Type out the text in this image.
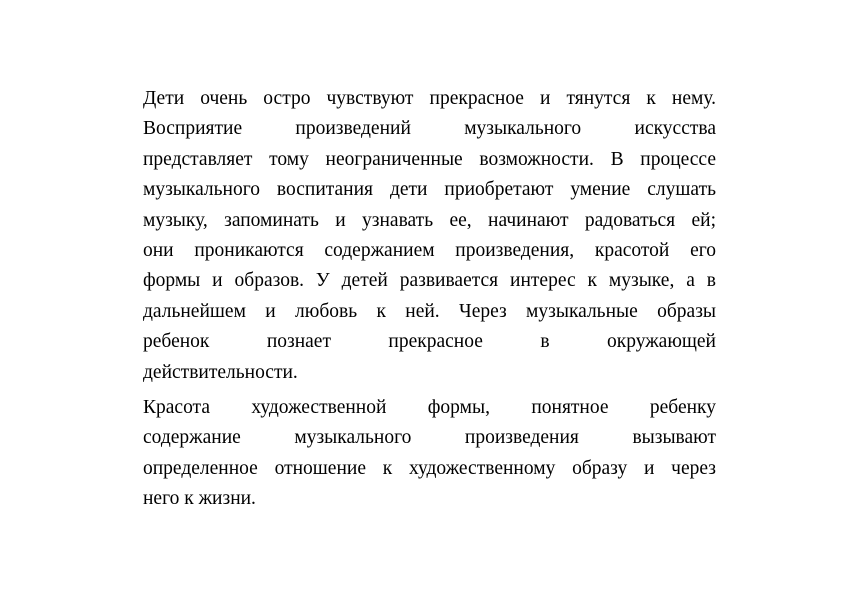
Дети очень остро чувствуют прекрасное и тянутся к нему.
Восприятие произведений музыкального искусства
представляет тому неограниченные возможности. В процессе
музыкального воспитания дети приобретают умение слушать
музыку, запоминать и узнавать ее, начинают радоваться ей;
они проникаются содержанием произведения, красотой его
формы и образов. У детей развивается интерес к музыке, а в
дальнейшем и любовь к ней. Через музыкальные образы
ребенок познает прекрасное в окружающей
действительности.

Красота художественной формы, понятное ребенку
содержание музыкального произведения вызывают
определенное отношение к художественному образу и через
него к жизни.
